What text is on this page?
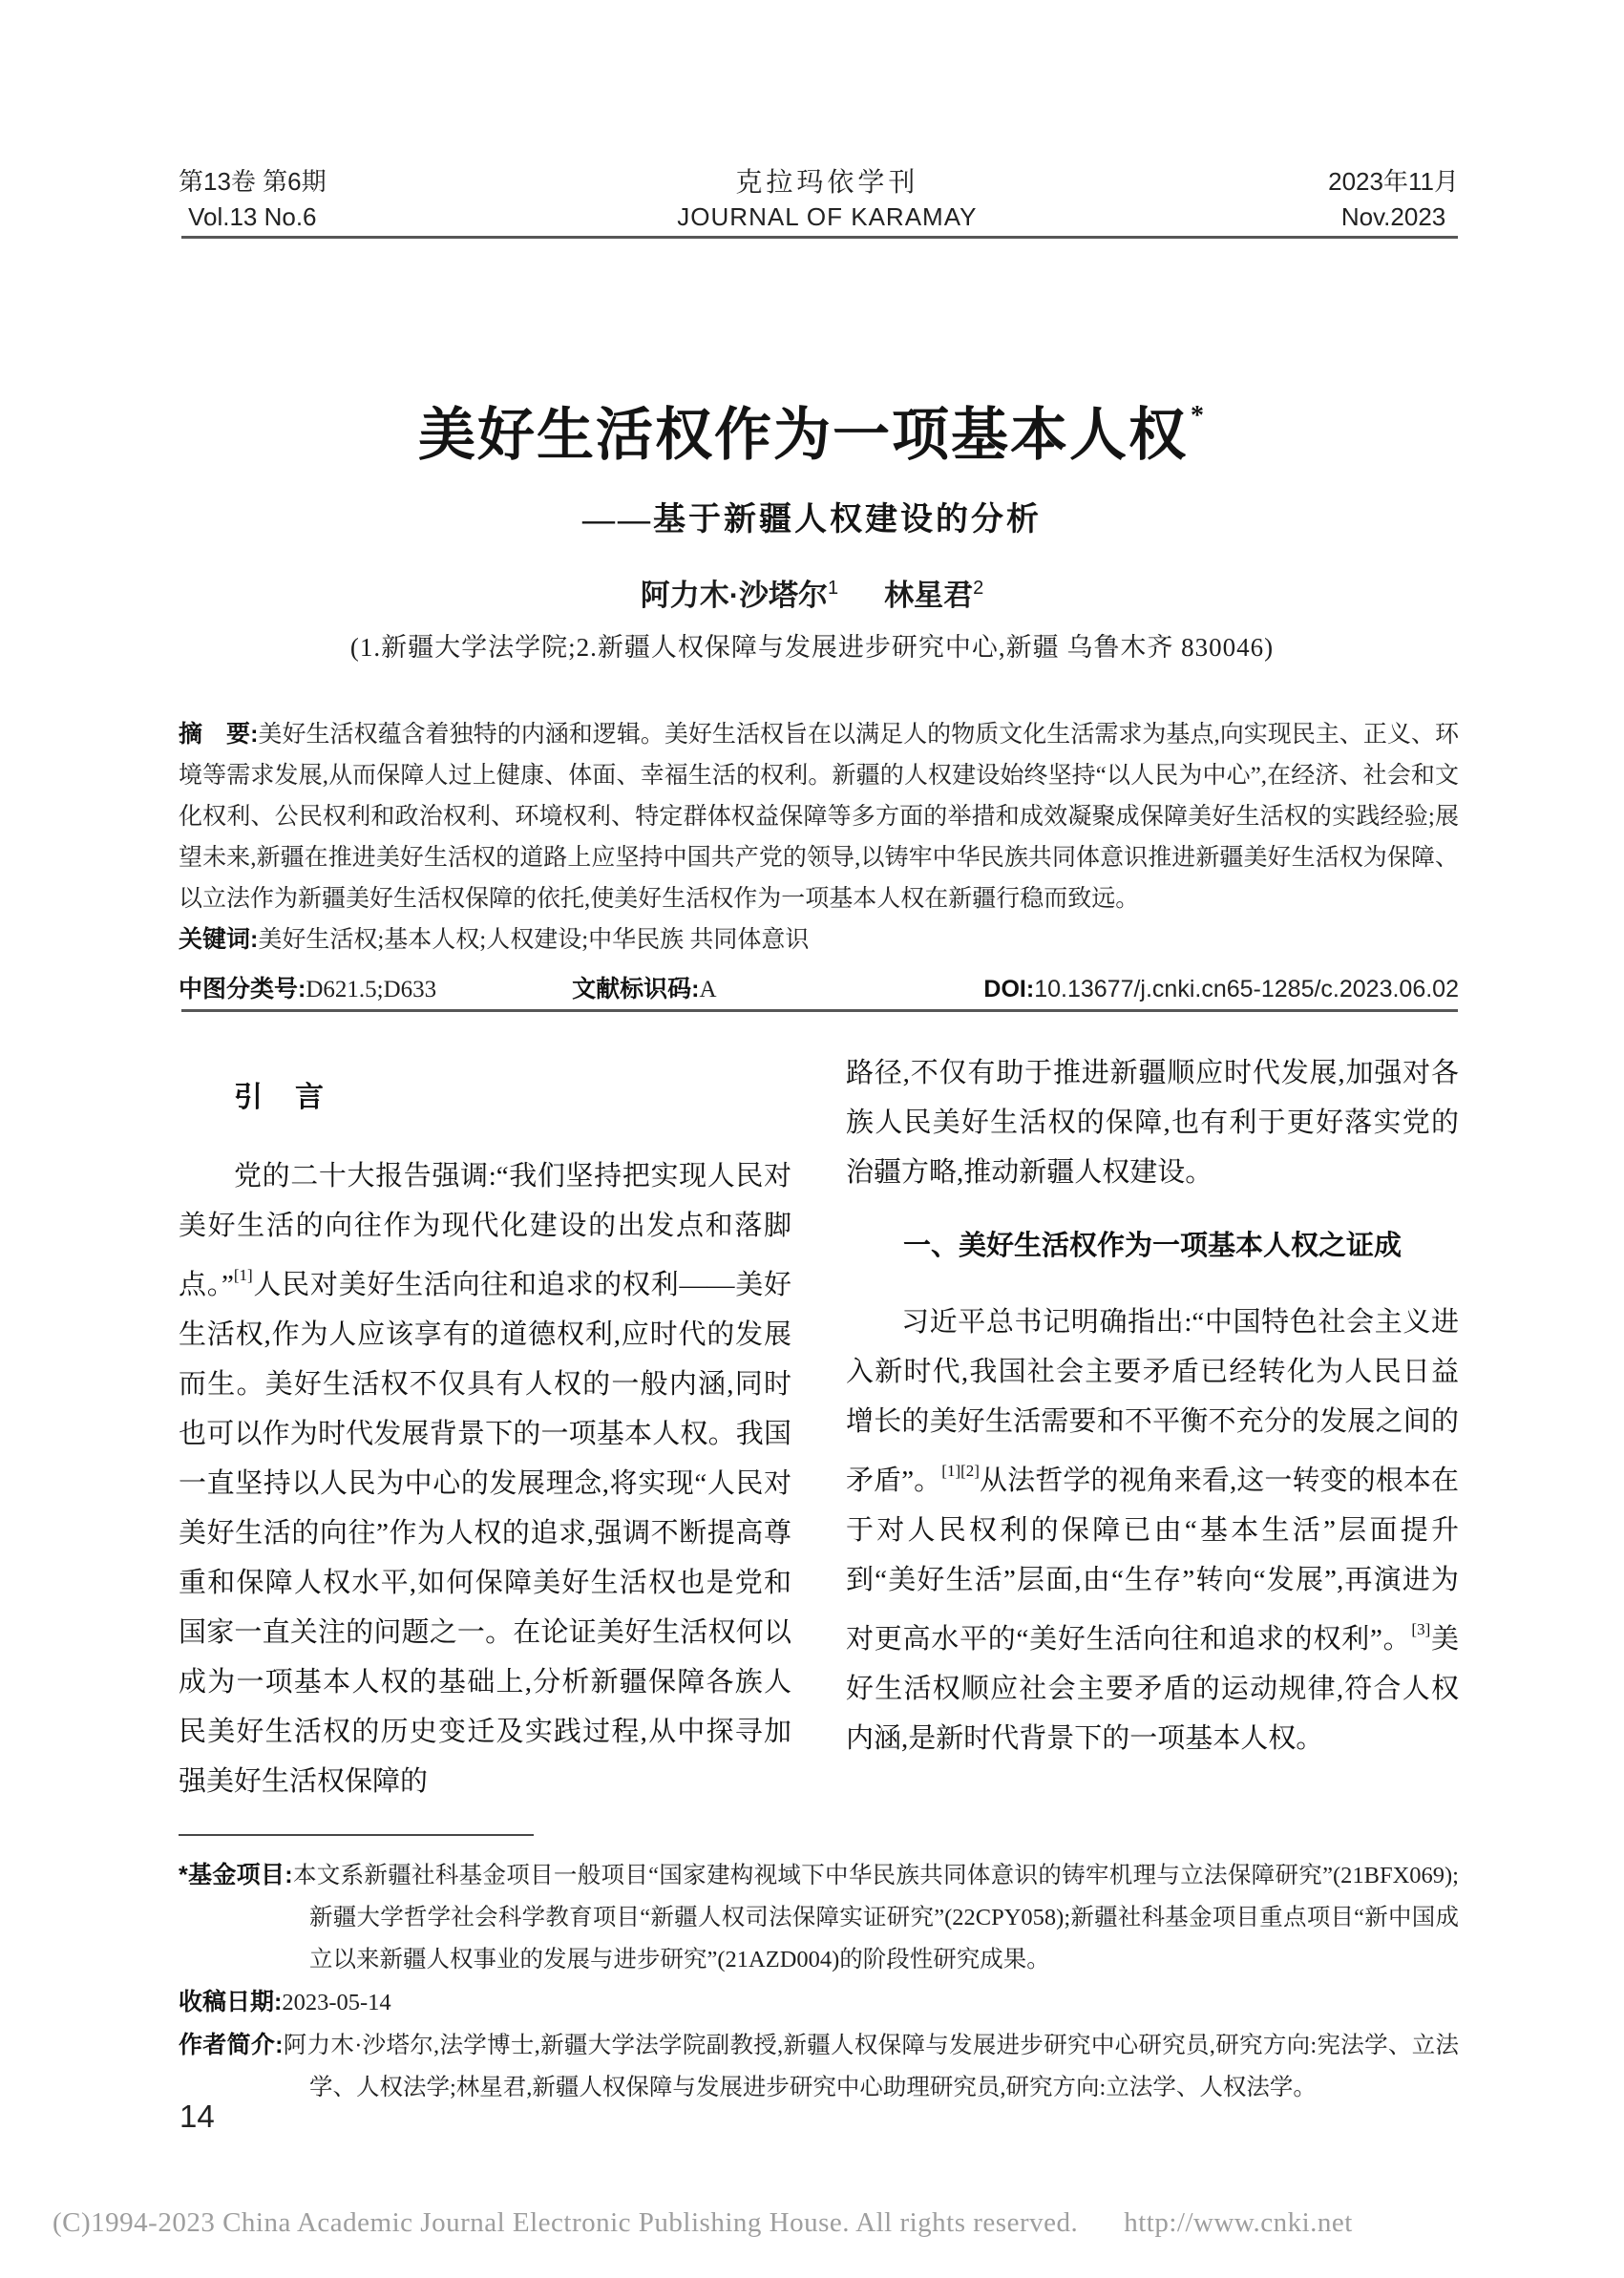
第13卷 第6期
Vol.13 No.6
克拉玛依学刊
JOURNAL OF KARAMAY
2023年11月
Nov.2023
美好生活权作为一项基本人权 *
——基于新疆人权建设的分析
阿力木·沙塔尔$^1$ 林星君$^2$
(1.新疆大学法学院;2.新疆人权保障与发展进步研究中心,新疆 乌鲁木齐 830046)

摘　要:美好生活权蕴含着独特的内涵和逻辑。美好生活权旨在以满足人的物质文化生活需求为基点,向实现民主、正义、环境等需求发展,从而保障人过上健康、体面、幸福生活的权利。新疆的人权建设始终坚持“以人民为中心”,在经济、社会和文化权利、公民权利和政治权利、环境权利、特定群体权益保障等多方面的举措和成效凝聚成保障美好生活权的实践经验;展望未来,新疆在推进美好生活权的道路上应坚持中国共产党的领导,以铸牢中华民族共同体意识推进新疆美好生活权为保障、以立法作为新疆美好生活权保障的依托,使美好生活权作为一项基本人权在新疆行稳而致远。

关键词:美好生活权;基本人权;人权建设;中华民族 共同体意识

中图分类号:D621.5;D633	文献标识码:A	DOI:10.13677/j.cnki.cn65-1285/c.2023.06.02
引　言

党的二十大报告强调:“我们坚持把实现人民对美好生活的向往作为现代化建设的出发点和落脚点。”[1]人民对美好生活向往和追求的权利——美好生活权,作为人应该享有的道德权利,应时代的发展而生。美好生活权不仅具有人权的一般内涵,同时也可以作为时代发展背景下的一项基本人权。我国一直坚持以人民为中心的发展理念,将实现“人民对美好生活的向往”作为人权的追求,强调不断提高尊重和保障人权水平,如何保障美好生活权也是党和国家一直关注的问题之一。在论证美好生活权何以成为一项基本人权的基础上,分析新疆保障各族人民美好生活权的历史变迁及实践过程,从中探寻加强美好生活权保障的

路径,不仅有助于推进新疆顺应时代发展,加强对各族人民美好生活权的保障,也有利于更好落实党的治疆方略,推动新疆人权建设。

一、美好生活权作为一项基本人权之证成

习近平总书记明确指出:“中国特色社会主义进入新时代,我国社会主要矛盾已经转化为人民日益增长的美好生活需要和不平衡不充分的发展之间的矛盾”。[1][2]从法哲学的视角来看,这一转变的根本在于对人民权利的保障已由“基本生活”层面提升到“美好生活”层面,由“生存”转向“发展”,再演进为对更高水平的“美好生活向往和追求的权利”。[3]美好生活权顺应社会主要矛盾的运动规律,符合人权内涵,是新时代背景下的一项基本人权。

*基金项目:本文系新疆社科基金项目一般项目“国家建构视域下中华民族共同体意识的铸牢机理与立法保障研究”(21BFX069);新疆大学哲学社会科学教育项目“新疆人权司法保障实证研究”(22CPY058);新疆社科基金项目重点项目“新中国成立以来新疆人权事业的发展与进步研究”(21AZD004)的阶段性研究成果。
收稿日期:2023-05-14
作者简介:阿力木·沙塔尔,法学博士,新疆大学法学院副教授,新疆人权保障与发展进步研究中心研究员,研究方向:宪法学、立法学、人权法学;林星君,新疆人权保障与发展进步研究中心助理研究员,研究方向:立法学、人权法学。
14
(C)1994-2023 China Academic Journal Electronic Publishing House. All rights reserved. http://www.cnki.net
